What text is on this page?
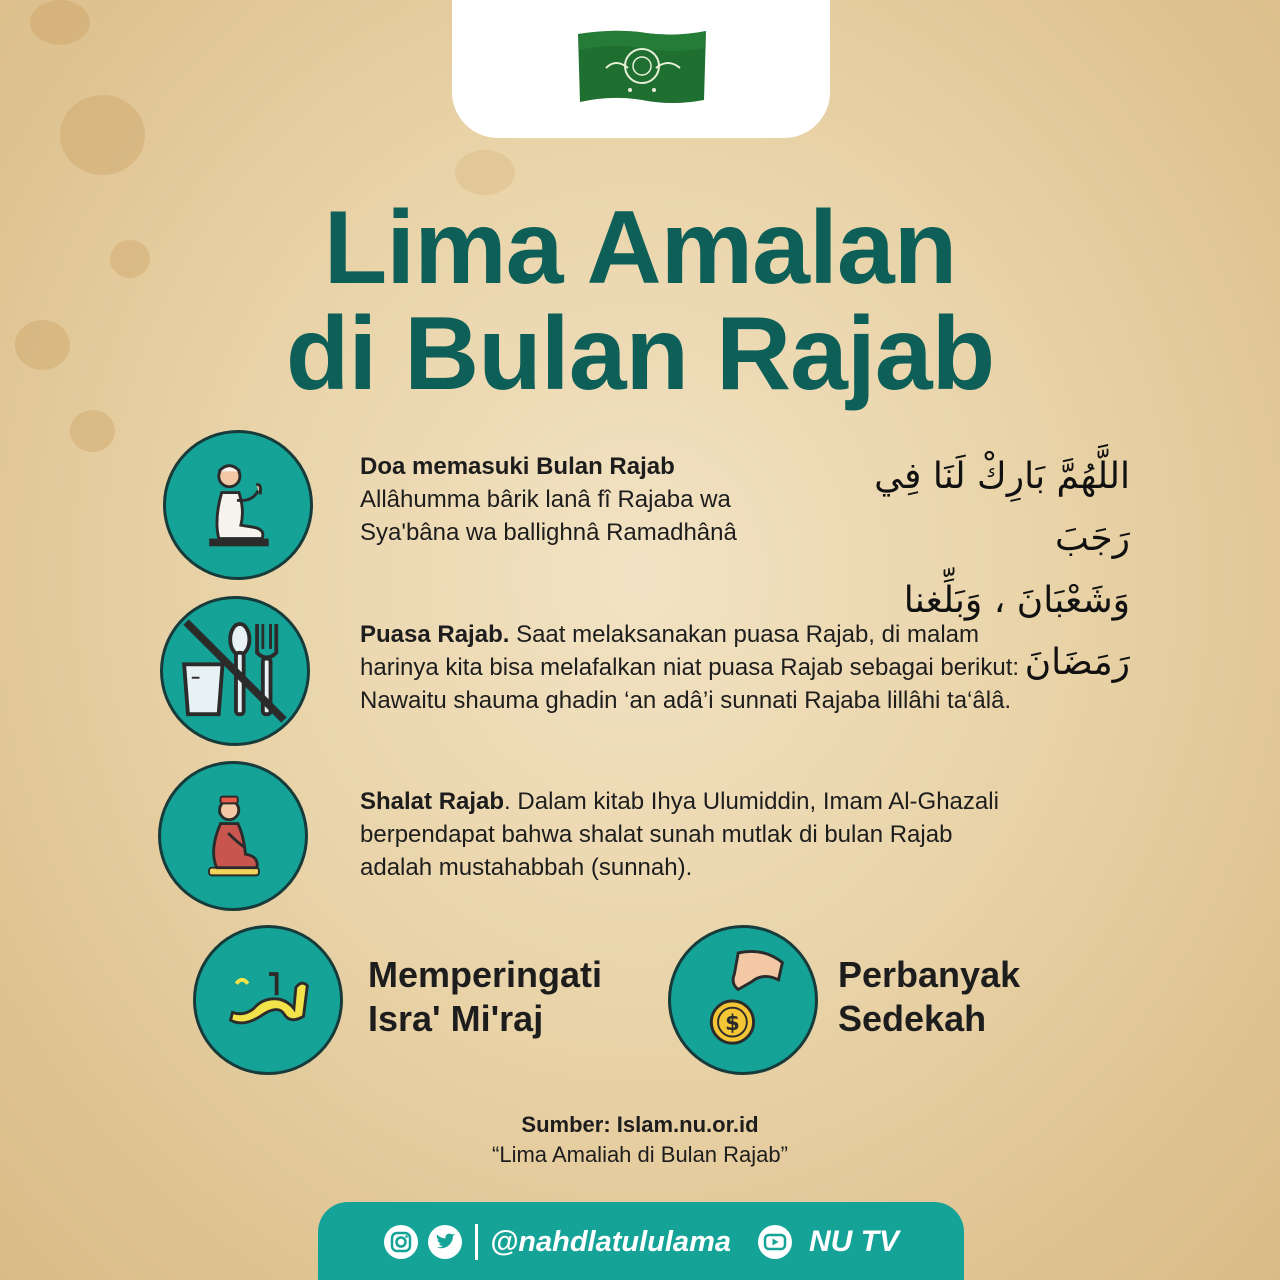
Lima Amalan
di Bulan Rajab
Doa memasuki Bulan Rajab
Allâhumma bârik lanâ fî Rajaba wa
Sya'bâna wa ballighnâ Ramadhânâ
اللَّهُمَّ بَارِكْ لَنَا فِي رَجَبَ
وَشَعْبَانَ ، وَبَلِّغنا رَمَضَانَ
Puasa Rajab. Saat melaksanakan puasa Rajab, di malam
harinya kita bisa melafalkan niat puasa Rajab sebagai berikut:
Nawaitu shauma ghadin ‘an adâ’i sunnati Rajaba lillâhi ta‘âlâ.
Shalat Rajab. Dalam kitab Ihya Ulumiddin, Imam Al-Ghazali
berpendapat bahwa shalat sunah mutlak di bulan Rajab
adalah mustahabbah (sunnah).
Memperingati
Isra' Mi'raj	$
Perbanyak
Sedekah
Sumber: Islam.nu.or.id
“Lima Amaliah di Bulan Rajab”
@nahdlatululama	NU TV
